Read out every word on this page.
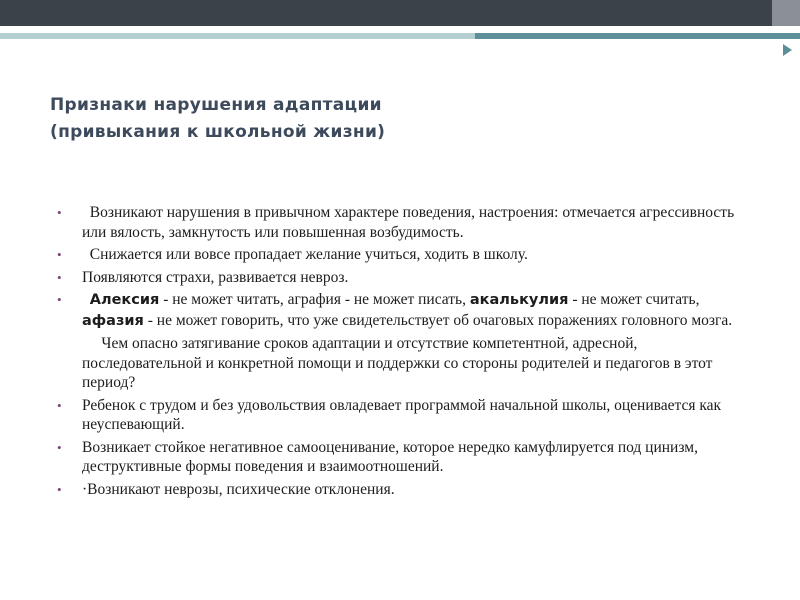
Признаки нарушения адаптации
(привыкания к школьной жизни)
• Возникают нарушения в привычном характере поведения, настроения: отмечается агрессивность или вялость, замкнутость или повышенная возбудимость.
• Снижается или вовсе пропадает желание учиться, ходить в школу.
• Появляются страхи, развивается невроз.
• Алексия - не может читать, аграфия - не может писать, акалькулия - не может считать, афазия - не может говорить, что уже свидетельствует об очаговых поражениях головного мозга.
Чем опасно затягивание сроков адаптации и отсутствие компетентной, адресной, последовательной и конкретной помощи и поддержки со стороны родителей и педагогов в этот период?
• Ребенок с трудом и без удовольствия овладевает программой начальной школы, оценивается как неуспевающий.
• Возникает стойкое негативное самооценивание, которое нередко камуфлируется под цинизм, деструктивные формы поведения и взаимоотношений.
• ·Возникают неврозы, психические отклонения.
